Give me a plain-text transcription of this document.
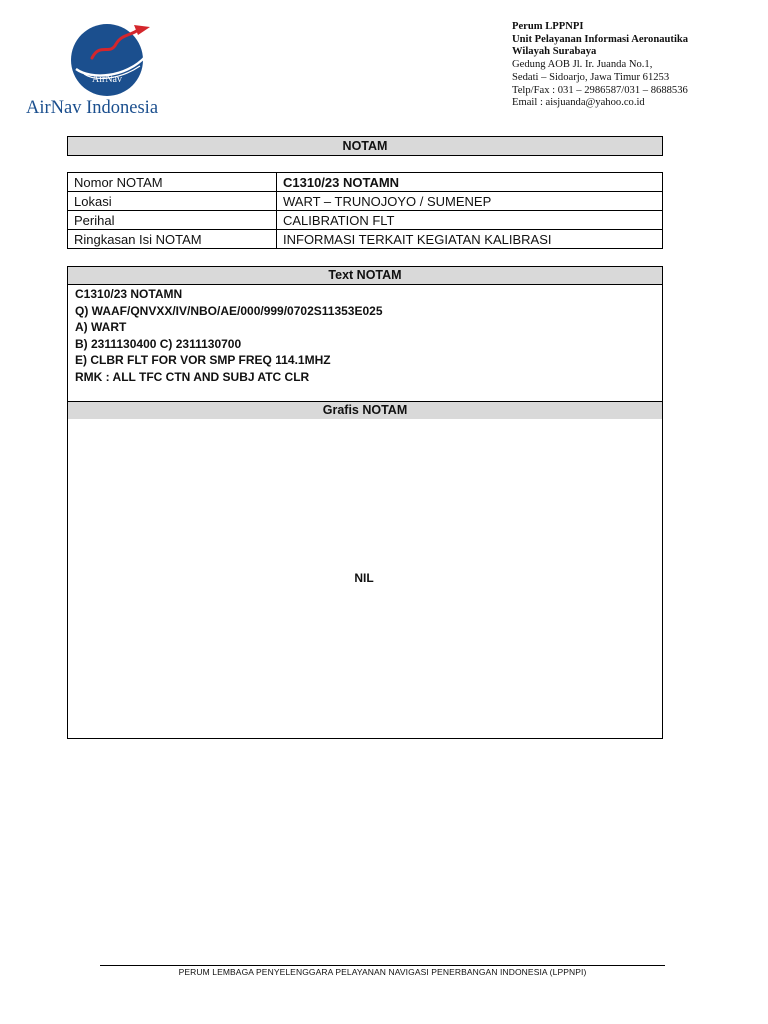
AirNav
AirNav Indonesia
Perum LPPNPI
Unit Pelayanan Informasi Aeronautika
Wilayah Surabaya
Gedung AOB Jl. Ir. Juanda No.1,
Sedati – Sidoarjo, Jawa Timur 61253
Telp/Fax : 031 – 2986587/031 – 8688536
Email : aisjuanda@yahoo.co.id
NOTAM
Nomor NOTAM	C1310/23 NOTAMN
Lokasi	WART – TRUNOJOYO / SUMENEP
Perihal	CALIBRATION FLT
Ringkasan Isi NOTAM	INFORMASI TERKAIT KEGIATAN KALIBRASI
Text NOTAM
C1310/23 NOTAMN
Q) WAAF/QNVXX/IV/NBO/AE/000/999/0702S11353E025
A) WART
B) 2311130400 C) 2311130700
E) CLBR FLT FOR VOR SMP FREQ 114.1MHZ
RMK : ALL TFC CTN AND SUBJ ATC CLR
Grafis NOTAM
NIL
PERUM LEMBAGA PENYELENGGARA PELAYANAN NAVIGASI PENERBANGAN INDONESIA (LPPNPI)
